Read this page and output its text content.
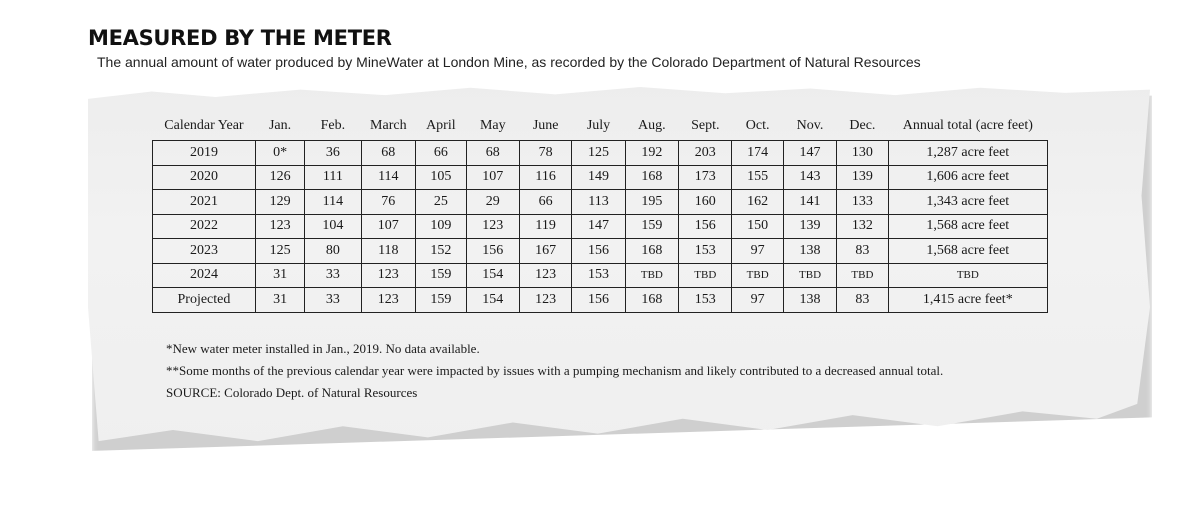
MEASURED BY THE METER
The annual amount of water produced by MineWater at London Mine, as recorded by the Colorado Department of Natural Resources
Calendar Year	Jan.	Feb.	March	April	May	June	July	Aug.	Sept.	Oct.	Nov.	Dec.	Annual total (acre feet)
2019	0*	36	68	66	68	78	125	192	203	174	147	130	1,287 acre feet
2020	126	111	114	105	107	116	149	168	173	155	143	139	1,606 acre feet
2021	129	114	76	25	29	66	113	195	160	162	141	133	1,343 acre feet
2022	123	104	107	109	123	119	147	159	156	150	139	132	1,568 acre feet
2023	125	80	118	152	156	167	156	168	153	97	138	83	1,568 acre feet
2024	31	33	123	159	154	123	153	TBD	TBD	TBD	TBD	TBD	TBD
Projected	31	33	123	159	154	123	156	168	153	97	138	83	1,415 acre feet*
*New water meter installed in Jan., 2019. No data available.
**Some months of the previous calendar year were impacted by issues with a pumping mechanism and likely contributed to a decreased annual total.
SOURCE: Colorado Dept. of Natural Resources
